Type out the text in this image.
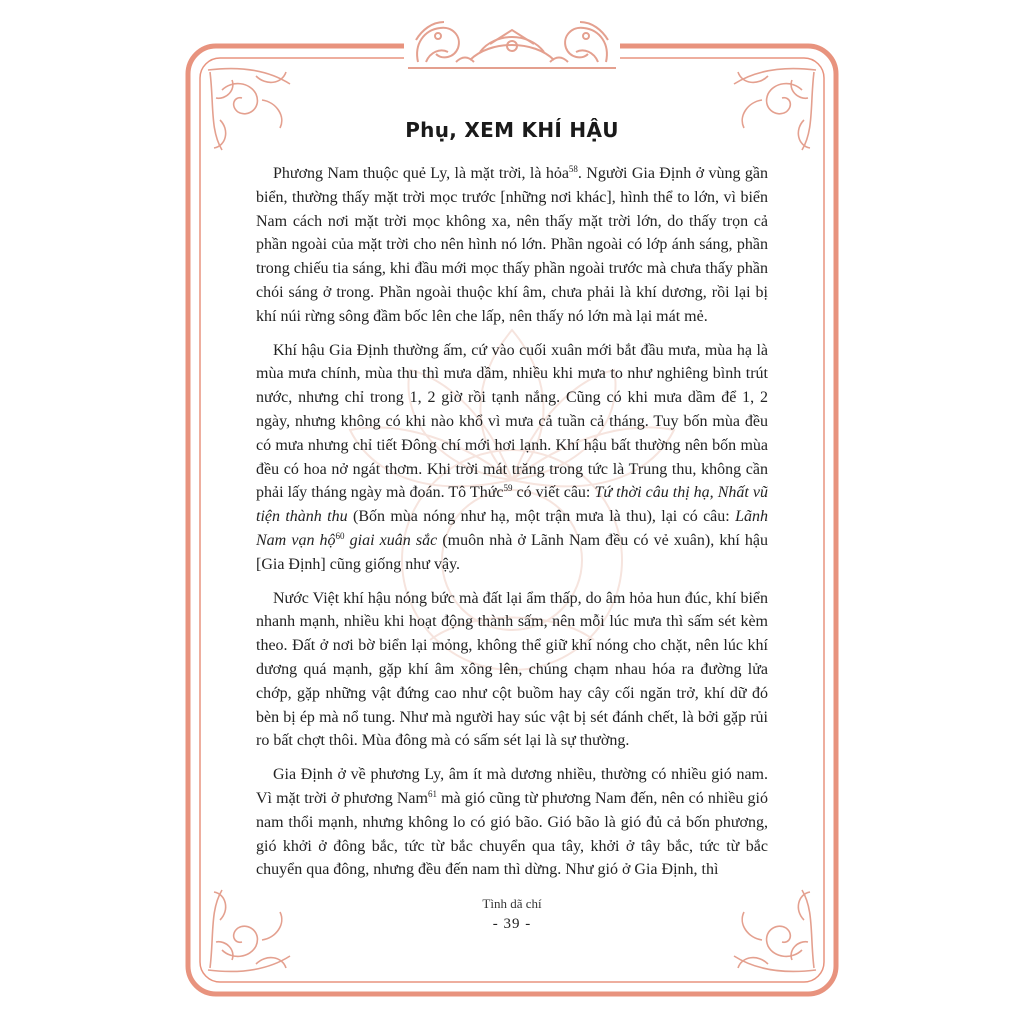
Phụ, XEM KHÍ HẬU

Phương Nam thuộc quẻ Ly, là mặt trời, là hỏa$^{58}$. Người Gia Định ở vùng gần biển, thường thấy mặt trời mọc trước [những nơi khác], hình thể to lớn, vì biển Nam cách nơi mặt trời mọc không xa, nên thấy mặt trời lớn, do thấy trọn cả phần ngoài của mặt trời cho nên hình nó lớn. Phần ngoài có lớp ánh sáng, phần trong chiếu tia sáng, khi đầu mới mọc thấy phần ngoài trước mà chưa thấy phần chói sáng ở trong. Phần ngoài thuộc khí âm, chưa phải là khí dương, rồi lại bị khí núi rừng sông đầm bốc lên che lấp, nên thấy nó lớn mà lại mát mẻ.

Khí hậu Gia Định thường ấm, cứ vào cuối xuân mới bắt đầu mưa, mùa hạ là mùa mưa chính, mùa thu thì mưa dầm, nhiều khi mưa to như nghiêng bình trút nước, nhưng chỉ trong 1, 2 giờ rồi tạnh nắng. Cũng có khi mưa dầm để 1, 2 ngày, nhưng không có khi nào khổ vì mưa cả tuần cả tháng. Tuy bốn mùa đều có mưa nhưng chỉ tiết Đông chí mới hơi lạnh. Khí hậu bất thường nên bốn mùa đều có hoa nở ngát thơm. Khi trời mát trăng trong tức là Trung thu, không cần phải lấy tháng ngày mà đoán. Tô Thức$^{59}$ có viết câu: Tứ thời câu thị hạ, Nhất vũ tiện thành thu (Bốn mùa nóng như hạ, một trận mưa là thu), lại có câu: Lãnh Nam vạn hộ$^{60}$ giai xuân sắc (muôn nhà ở Lãnh Nam đều có vẻ xuân), khí hậu [Gia Định] cũng giống như vậy.

Nước Việt khí hậu nóng bức mà đất lại ẩm thấp, do âm hỏa hun đúc, khí biển nhanh mạnh, nhiều khi hoạt động thành sấm, nên mỗi lúc mưa thì sấm sét kèm theo. Đất ở nơi bờ biển lại mỏng, không thể giữ khí nóng cho chặt, nên lúc khí dương quá mạnh, gặp khí âm xông lên, chúng chạm nhau hóa ra đường lửa chớp, gặp những vật đứng cao như cột buồm hay cây cối ngăn trở, khí dữ đó bèn bị ép mà nổ tung. Như mà người hay súc vật bị sét đánh chết, là bởi gặp rủi ro bất chợt thôi. Mùa đông mà có sấm sét lại là sự thường.

Gia Định ở về phương Ly, âm ít mà dương nhiều, thường có nhiều gió nam. Vì mặt trời ở phương Nam$^{61}$ mà gió cũng từ phương Nam đến, nên có nhiều gió nam thổi mạnh, nhưng không lo có gió bão. Gió bão là gió đủ cả bốn phương, gió khởi ở đông bắc, tức từ bắc chuyển qua tây, khởi ở tây bắc, tức từ bắc chuyển qua đông, nhưng đều đến nam thì dừng. Như gió ở Gia Định, thì

Tình dã chí
- 39 -
